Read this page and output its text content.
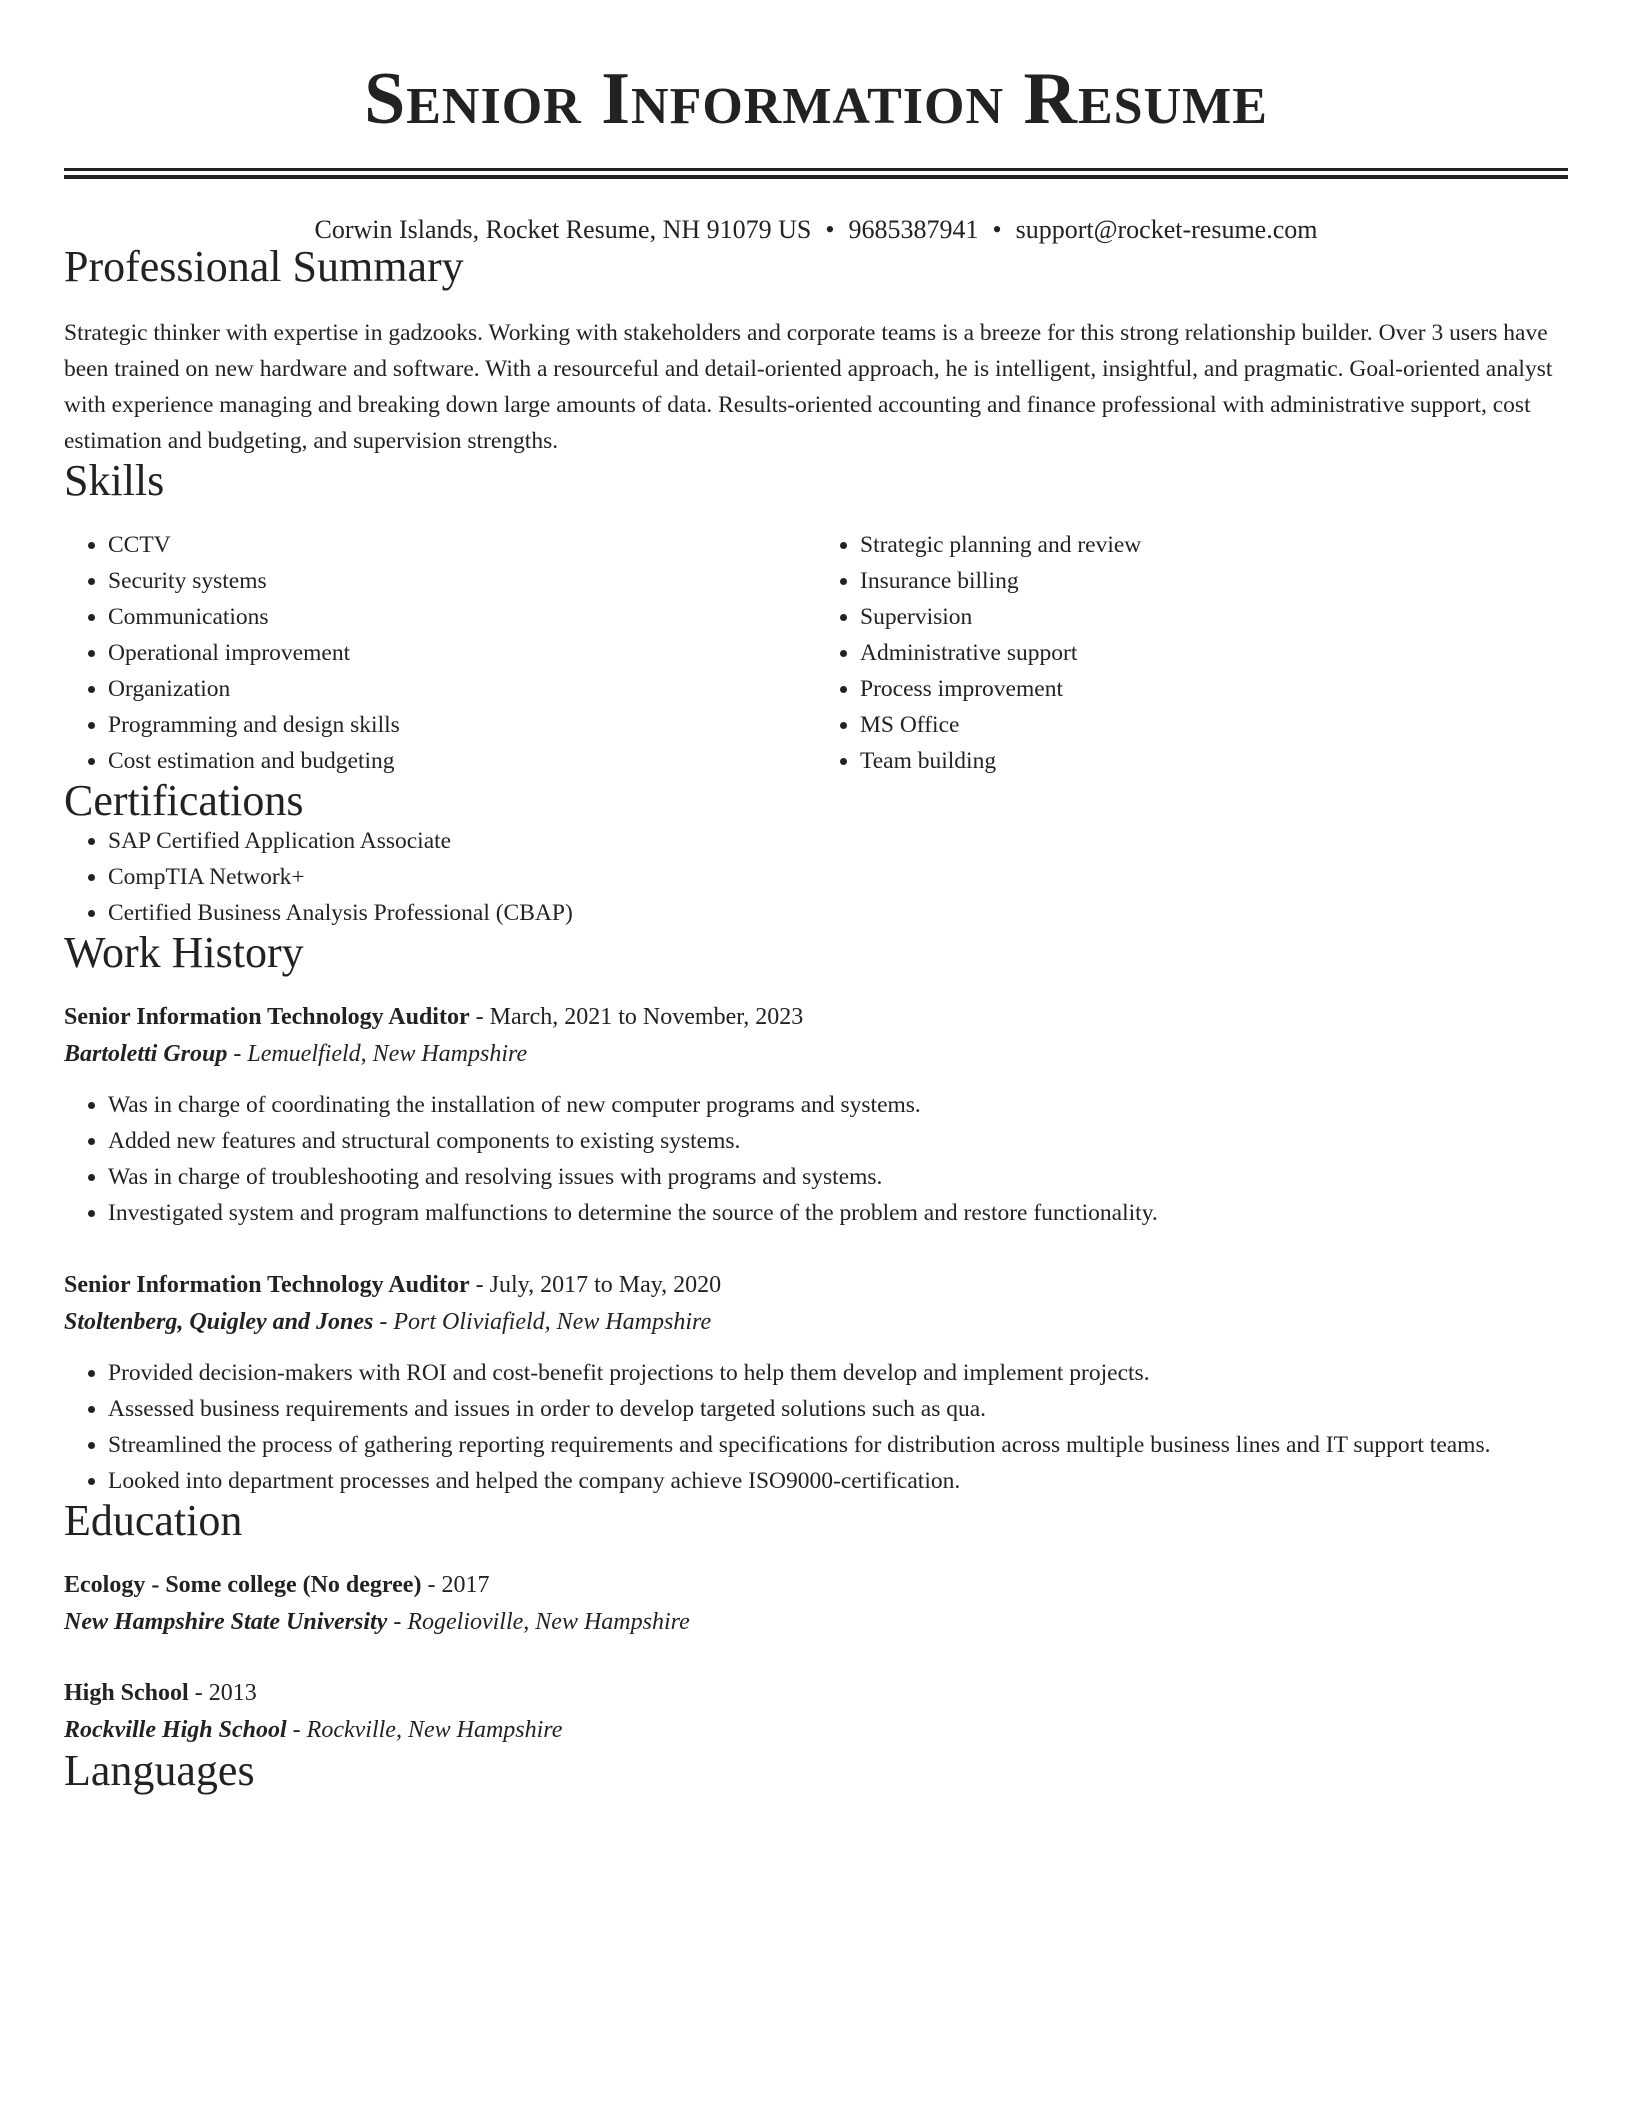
Senior Information Resume
Corwin Islands, Rocket Resume, NH 91079 US • 9685387941 • support@rocket-resume.com
Professional Summary
Strategic thinker with expertise in gadzooks. Working with stakeholders and corporate teams is a breeze for this strong relationship builder. Over 3 users have been trained on new hardware and software. With a resourceful and detail-oriented approach, he is intelligent, insightful, and pragmatic. Goal-oriented analyst with experience managing and breaking down large amounts of data. Results-oriented accounting and finance professional with administrative support, cost estimation and budgeting, and supervision strengths.
Skills
• CCTV
• Security systems
• Communications
• Operational improvement
• Organization
• Programming and design skills
• Cost estimation and budgeting
• Strategic planning and review
• Insurance billing
• Supervision
• Administrative support
• Process improvement
• MS Office
• Team building
Certifications
• SAP Certified Application Associate
• CompTIA Network+
• Certified Business Analysis Professional (CBAP)
Work History
Senior Information Technology Auditor - March, 2021 to November, 2023
Bartoletti Group - Lemuelfield, New Hampshire
• Was in charge of coordinating the installation of new computer programs and systems.
• Added new features and structural components to existing systems.
• Was in charge of troubleshooting and resolving issues with programs and systems.
• Investigated system and program malfunctions to determine the source of the problem and restore functionality.
Senior Information Technology Auditor - July, 2017 to May, 2020
Stoltenberg, Quigley and Jones - Port Oliviafield, New Hampshire
• Provided decision-makers with ROI and cost-benefit projections to help them develop and implement projects.
• Assessed business requirements and issues in order to develop targeted solutions such as qua.
• Streamlined the process of gathering reporting requirements and specifications for distribution across multiple business lines and IT support teams.
• Looked into department processes and helped the company achieve ISO9000-certification.
Education
Ecology - Some college (No degree) - 2017
New Hampshire State University - Rogelioville, New Hampshire
High School - 2013
Rockville High School - Rockville, New Hampshire
Languages
